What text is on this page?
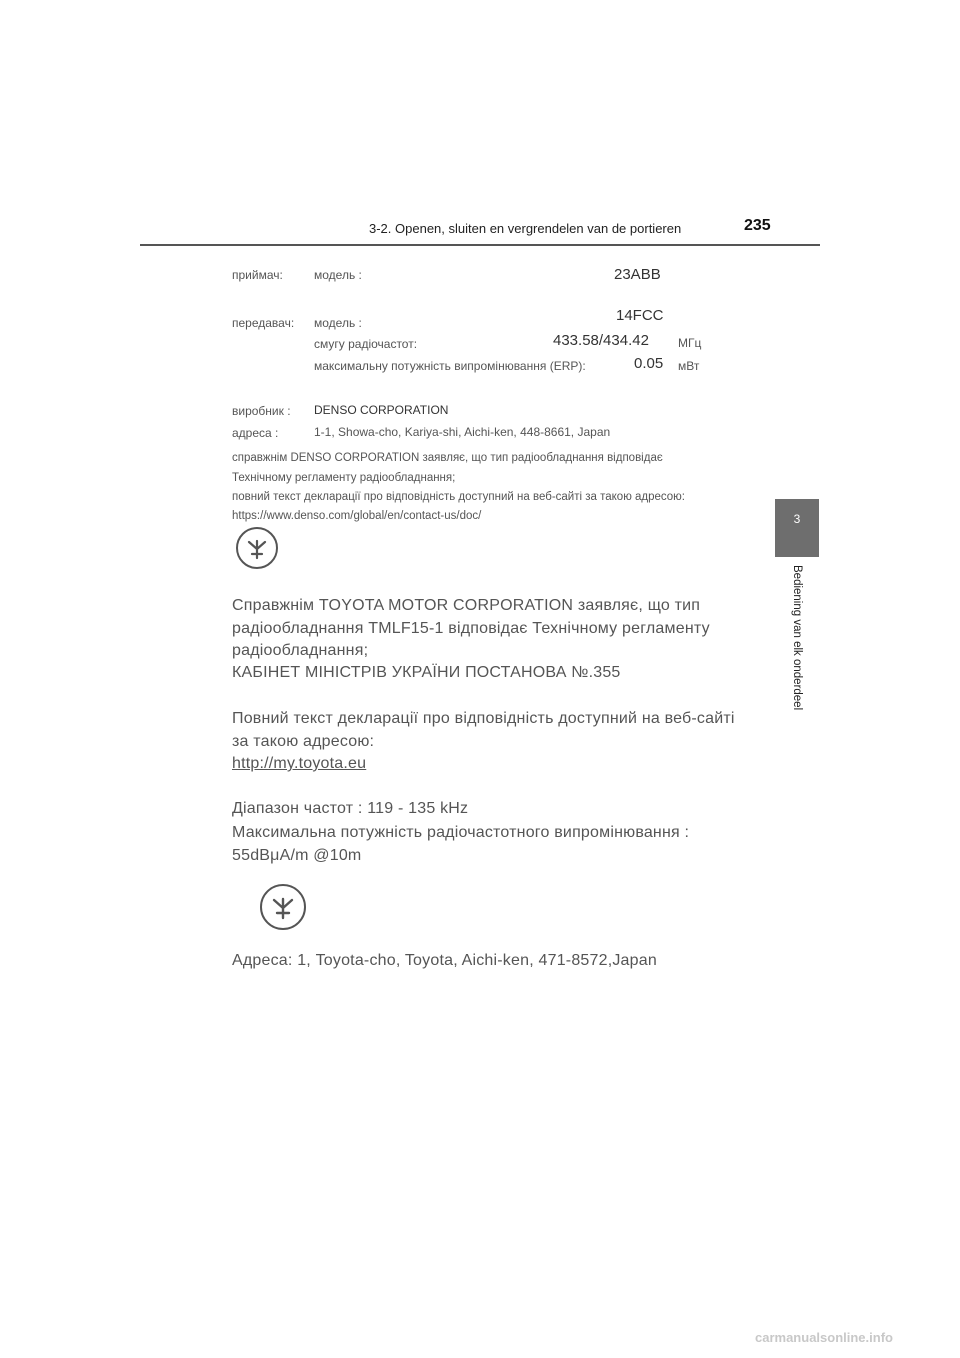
3-2. Openen, sluiten en vergrendelen van de portieren	235
3
Bediening van elk onderdeel
приймач:	модель :	23ABB
передавач: модель :	14FCC
смугу радіочастот:	433.58/434.42 МГц
максимальну потужність випромінювання (ERP):	0.05 мВт
виробник : DENSO CORPORATION
адреса :	1-1, Showa-cho, Kariya-shi, Aichi-ken, 448-8661, Japan
справжнім DENSO CORPORATION заявляє, що тип радіообладнання відповідає
Технічному регламенту радіообладнання;
повний текст декларації про відповідність доступний на веб-сайті за такою адресою:
https://www.denso.com/global/en/contact-us/doc/
Справжнім TOYOTA MOTOR CORPORATION заявляє, що тип
радіообладнання TMLF15-1 відповідає Технічному регламенту
радіообладнання;
КАБІНЕТ МІНІСТРІВ УКРАЇНИ ПОСТАНОВА №.355
Повний текст декларації про відповідність доступний на веб-сайті
за такою адресою:
http://my.toyota.eu
Діапазон частот : 119 - 135 kHz
Максимальна потужність радіочастотного випромінювання :
55dBμA/m @10m
Адреса: 1, Toyota-cho, Toyota, Aichi-ken, 471-8572,Japan
carmanualsonline.info
